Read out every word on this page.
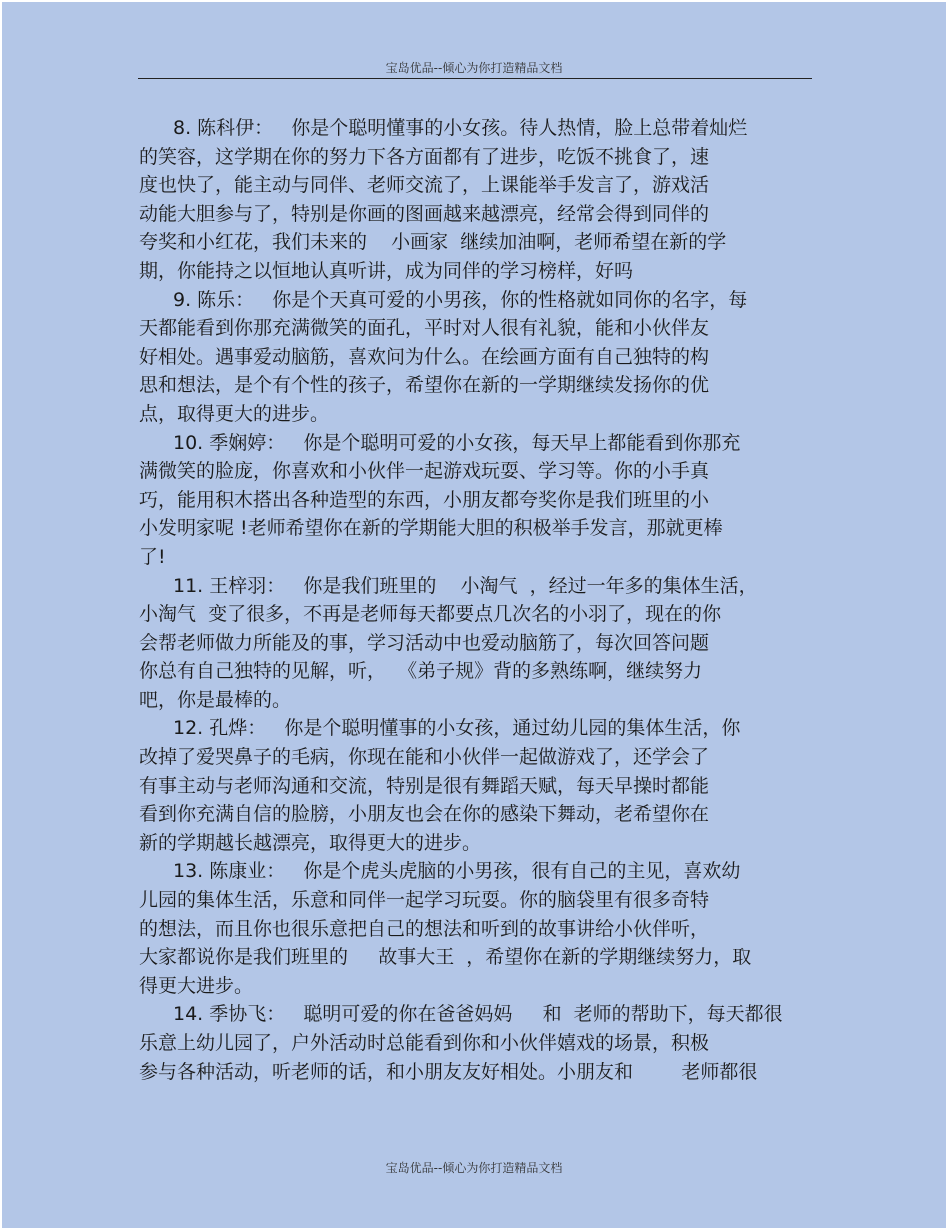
宝岛优品--倾心为你打造精品文档
8. 陈科伊：   你是个聪明懂事的小女孩。待人热情，脸上总带着灿烂
的笑容，这学期在你的努力下各方面都有了进步，吃饭不挑食了，速
度也快了，能主动与同伴、老师交流了，上课能举手发言了，游戏活
动能大胆参与了，特别是你画的图画越来越漂亮，经常会得到同伴的
夸奖和小红花，我们未来的    小画家  继续加油啊，老师希望在新的学
期，你能持之以恒地认真听讲，成为同伴的学习榜样，好吗
9. 陈乐：   你是个天真可爱的小男孩，你的性格就如同你的名字，每
天都能看到你那充满微笑的面孔，平时对人很有礼貌，能和小伙伴友
好相处。遇事爱动脑筋，喜欢问为什么。在绘画方面有自己独特的构
思和想法，是个有个性的孩子，希望你在新的一学期继续发扬你的优
点，取得更大的进步。
10. 季娴婷：   你是个聪明可爱的小女孩，每天早上都能看到你那充
满微笑的脸庞，你喜欢和小伙伴一起游戏玩耍、学习等。你的小手真
巧，能用积木搭出各种造型的东西，小朋友都夸奖你是我们班里的小
小发明家呢 !老师希望你在新的学期能大胆的积极举手发言，那就更棒
了!
11. 王梓羽：   你是我们班里的    小淘气  ，经过一年多的集体生活，
小淘气  变了很多，不再是老师每天都要点几次名的小羽了，现在的你
会帮老师做力所能及的事，学习活动中也爱动脑筋了，每次回答问题
你总有自己独特的见解，听，  《弟子规》背的多熟练啊，继续努力
吧，你是最棒的。
12. 孔烨：   你是个聪明懂事的小女孩，通过幼儿园的集体生活，你
改掉了爱哭鼻子的毛病，你现在能和小伙伴一起做游戏了，还学会了
有事主动与老师沟通和交流，特别是很有舞蹈天赋，每天早操时都能
看到你充满自信的脸膀，小朋友也会在你的感染下舞动，老希望你在
新的学期越长越漂亮，取得更大的进步。
13. 陈康业：   你是个虎头虎脑的小男孩，很有自己的主见，喜欢幼
儿园的集体生活，乐意和同伴一起学习玩耍。你的脑袋里有很多奇特
的想法，而且你也很乐意把自己的想法和听到的故事讲给小伙伴听，
大家都说你是我们班里的     故事大王  ，希望你在新的学期继续努力，取
得更大进步。
14. 季协飞：   聪明可爱的你在爸爸妈妈     和  老师的帮助下，每天都很
乐意上幼儿园了，户外活动时总能看到你和小伙伴嬉戏的场景，积极
参与各种活动，听老师的话，和小朋友友好相处。小朋友和        老师都很
宝岛优品--倾心为你打造精品文档
